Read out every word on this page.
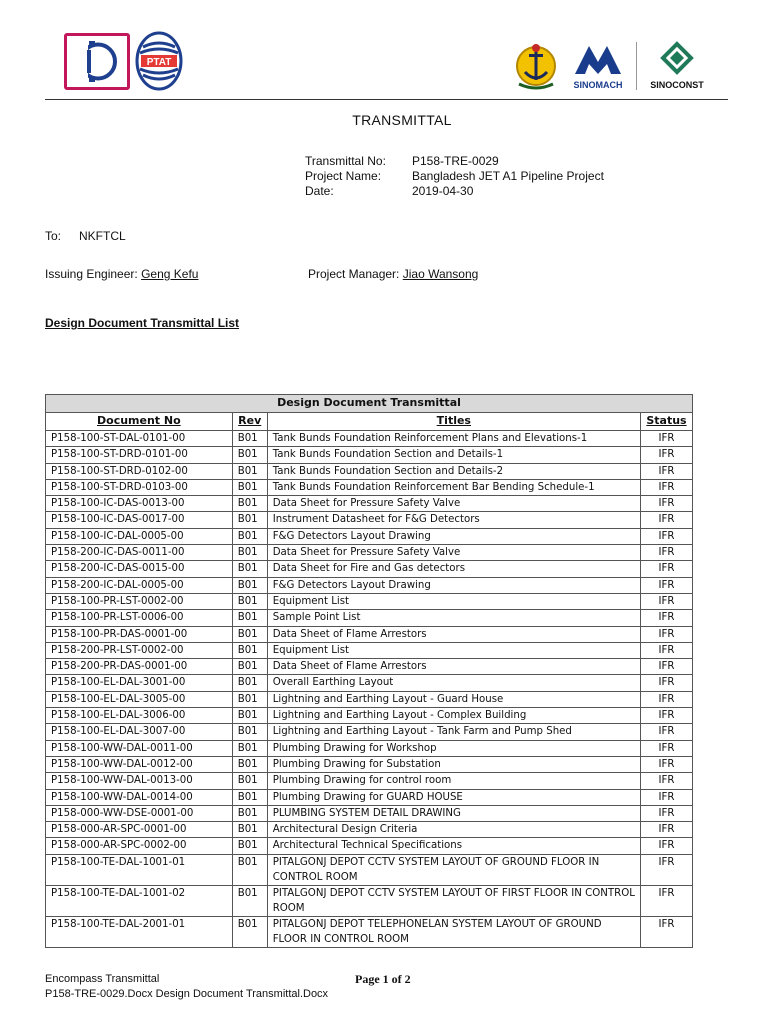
PTAT
SINOMACH	SINOCONST
TRANSMITTAL
Transmittal No: P158-TRE-0029
Project Name:	Bangladesh JET A1 Pipeline Project
Date:	2019-04-30
To: NKFTCL
Issuing Engineer: Geng Kefu	Project Manager: Jiao Wansong
Design Document Transmittal List
Design Document Transmittal			
Document No	Rev	Titles	Status
P158-100-ST-DAL-0101-00	B01	Tank Bunds Foundation Reinforcement Plans and Elevations-1	IFR
P158-100-ST-DRD-0101-00	B01	Tank Bunds Foundation Section and Details-1	IFR
P158-100-ST-DRD-0102-00	B01	Tank Bunds Foundation Section and Details-2	IFR
P158-100-ST-DRD-0103-00	B01	Tank Bunds Foundation Reinforcement Bar Bending Schedule-1	IFR
P158-100-IC-DAS-0013-00	B01	Data Sheet for Pressure Safety Valve	IFR
P158-100-IC-DAS-0017-00	B01	Instrument Datasheet for F&G Detectors	IFR
P158-100-IC-DAL-0005-00	B01	F&G Detectors Layout Drawing	IFR
P158-200-IC-DAS-0011-00	B01	Data Sheet for Pressure Safety Valve	IFR
P158-200-IC-DAS-0015-00	B01	Data Sheet for Fire and Gas detectors	IFR
P158-200-IC-DAL-0005-00	B01	F&G Detectors Layout Drawing	IFR
P158-100-PR-LST-0002-00	B01	Equipment List	IFR
P158-100-PR-LST-0006-00	B01	Sample Point List	IFR
P158-100-PR-DAS-0001-00	B01	Data Sheet of Flame Arrestors	IFR
P158-200-PR-LST-0002-00	B01	Equipment List	IFR
P158-200-PR-DAS-0001-00	B01	Data Sheet of Flame Arrestors	IFR
P158-100-EL-DAL-3001-00	B01	Overall Earthing Layout	IFR
P158-100-EL-DAL-3005-00	B01	Lightning and Earthing Layout - Guard House	IFR
P158-100-EL-DAL-3006-00	B01	Lightning and Earthing Layout - Complex Building	IFR
P158-100-EL-DAL-3007-00	B01	Lightning and Earthing Layout - Tank Farm and Pump Shed	IFR
P158-100-WW-DAL-0011-00	B01	Plumbing Drawing for Workshop	IFR
P158-100-WW-DAL-0012-00	B01	Plumbing Drawing for Substation	IFR
P158-100-WW-DAL-0013-00	B01	Plumbing Drawing for control room	IFR
P158-100-WW-DAL-0014-00	B01	Plumbing Drawing for GUARD HOUSE	IFR
P158-000-WW-DSE-0001-00	B01	PLUMBING SYSTEM DETAIL DRAWING	IFR
P158-000-AR-SPC-0001-00	B01	Architectural Design Criteria	IFR
P158-000-AR-SPC-0002-00	B01	Architectural Technical Specifications	IFR
P158-100-TE-DAL-1001-01	B01	PITALGONJ DEPOT CCTV SYSTEM LAYOUT OF GROUND FLOOR IN CONTROL ROOM	IFR
P158-100-TE-DAL-1001-02	B01	PITALGONJ DEPOT CCTV SYSTEM LAYOUT OF FIRST FLOOR IN CONTROL ROOM	IFR
P158-100-TE-DAL-2001-01	B01	PITALGONJ DEPOT TELEPHONELAN SYSTEM LAYOUT OF GROUND FLOOR IN CONTROL ROOM	IFR
Encompass Transmittal
P158-TRE-0029.Docx Design Document Transmittal.Docx
Page 1 of 2
